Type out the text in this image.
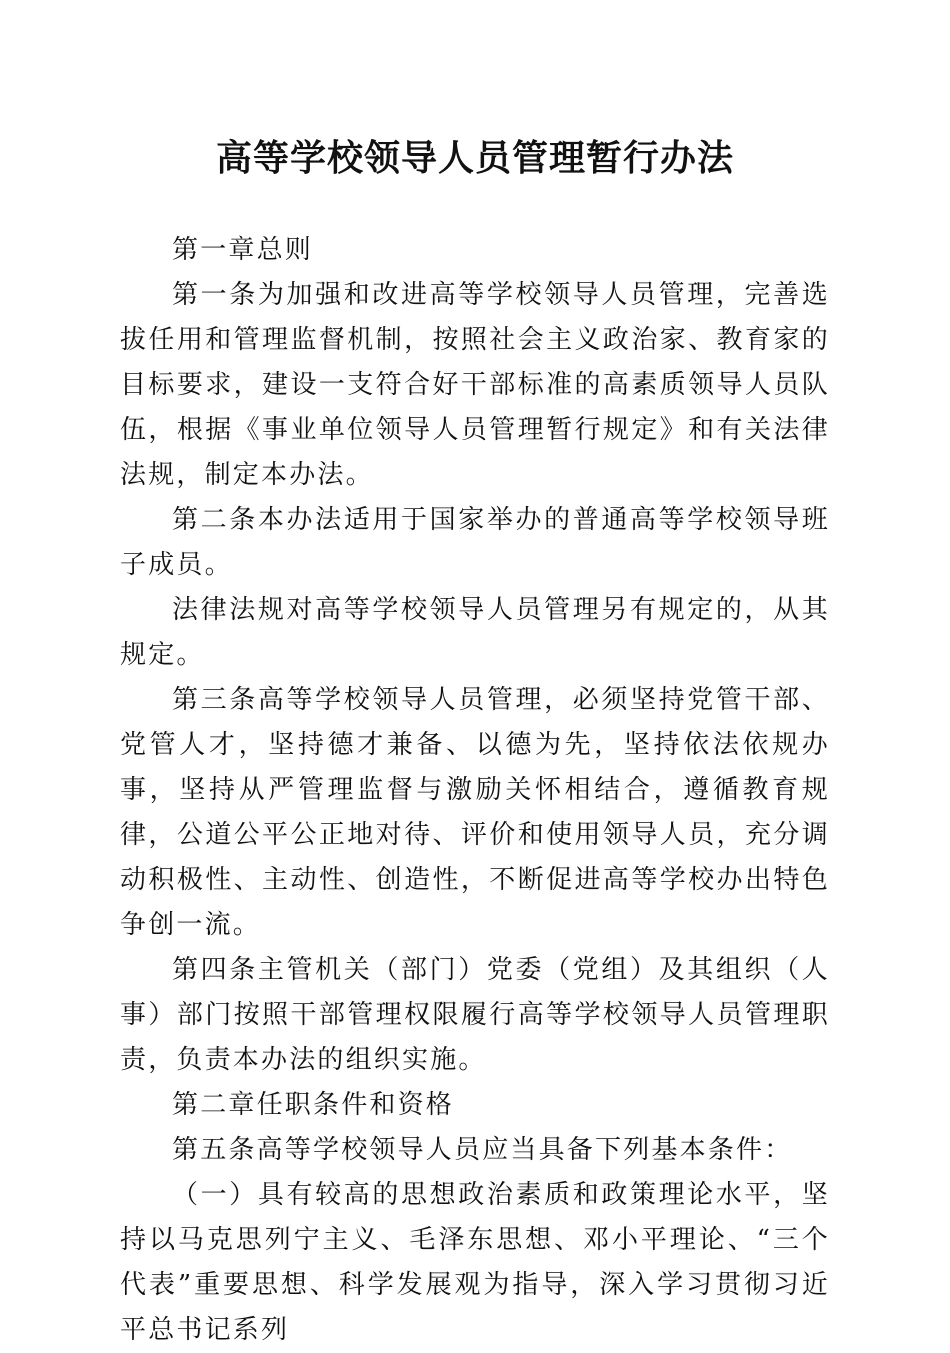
高等学校领导人员管理暂行办法

第一章总则

第一条为加强和改进高等学校领导人员管理，完善选拔任用和管理监督机制，按照社会主义政治家、教育家的目标要求，建设一支符合好干部标准的高素质领导人员队伍，根据《事业单位领导人员管理暂行规定》和有关法律法规，制定本办法。

第二条本办法适用于国家举办的普通高等学校领导班子成员。

法律法规对高等学校领导人员管理另有规定的，从其规定。

第三条高等学校领导人员管理，必须坚持党管干部、党管人才，坚持德才兼备、以德为先，坚持依法依规办事，坚持从严管理监督与激励关怀相结合，遵循教育规律，公道公平公正地对待、评价和使用领导人员，充分调动积极性、主动性、创造性，不断促进高等学校办出特色争创一流。

第四条主管机关（部门）党委（党组）及其组织（人事）部门按照干部管理权限履行高等学校领导人员管理职责，负责本办法的组织实施。

第二章任职条件和资格

第五条高等学校领导人员应当具备下列基本条件：

（一）具有较高的思想政治素质和政策理论水平，坚持以马克思列宁主义、毛泽东思想、邓小平理论、“三个代表”重要思想、科学发展观为指导，深入学习贯彻习近平总书记系列
